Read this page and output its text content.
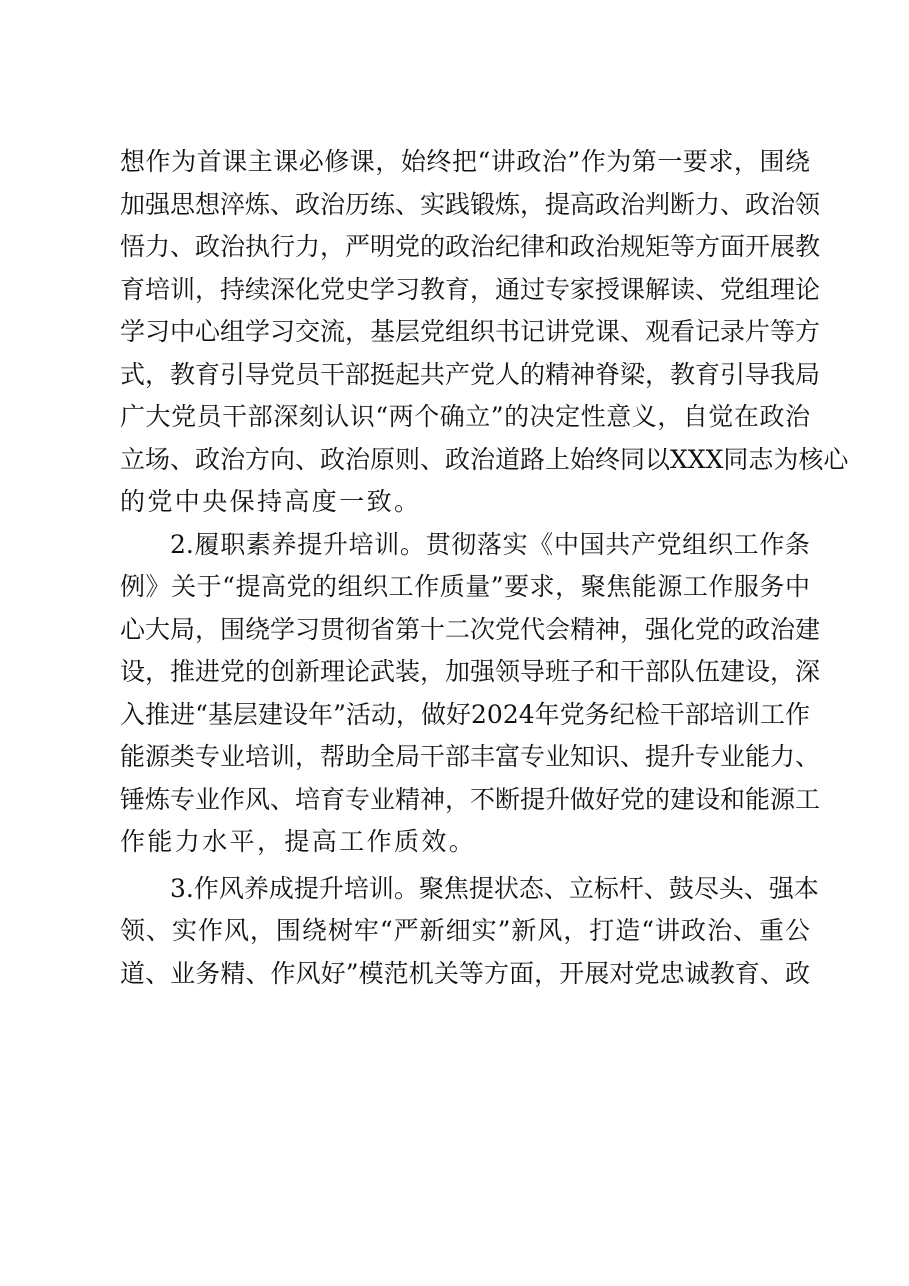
想作为首课主课必修课，始终把“讲政治”作为第一要求，围绕
加强思想淬炼、政治历练、实践锻炼，提高政治判断力、政治领
悟力、政治执行力，严明党的政治纪律和政治规矩等方面开展教
育培训，持续深化党史学习教育，通过专家授课解读、党组理论
学习中心组学习交流，基层党组织书记讲党课、观看记录片等方
式，教育引导党员干部挺起共产党人的精神脊梁，教育引导我局
广大党员干部深刻认识“两个确立”的决定性意义，自觉在政治
立场、政治方向、政治原则、政治道路上始终同以XXX同志为核心
的党中央保持高度一致。
2.履职素养提升培训。贯彻落实《中国共产党组织工作条
例》关于“提高党的组织工作质量”要求，聚焦能源工作服务中
心大局，围绕学习贯彻省第十二次党代会精神，强化党的政治建
设，推进党的创新理论武装，加强领导班子和干部队伍建设，深
入推进“基层建设年”活动，做好2024年党务纪检干部培训工作
能源类专业培训，帮助全局干部丰富专业知识、提升专业能力、
锤炼专业作风、培育专业精神，不断提升做好党的建设和能源工
作能力水平，提高工作质效。
3.作风养成提升培训。聚焦提状态、立标杆、鼓尽头、强本
领、实作风，围绕树牢“严新细实”新风，打造“讲政治、重公
道、业务精、作风好”模范机关等方面，开展对党忠诚教育、政
